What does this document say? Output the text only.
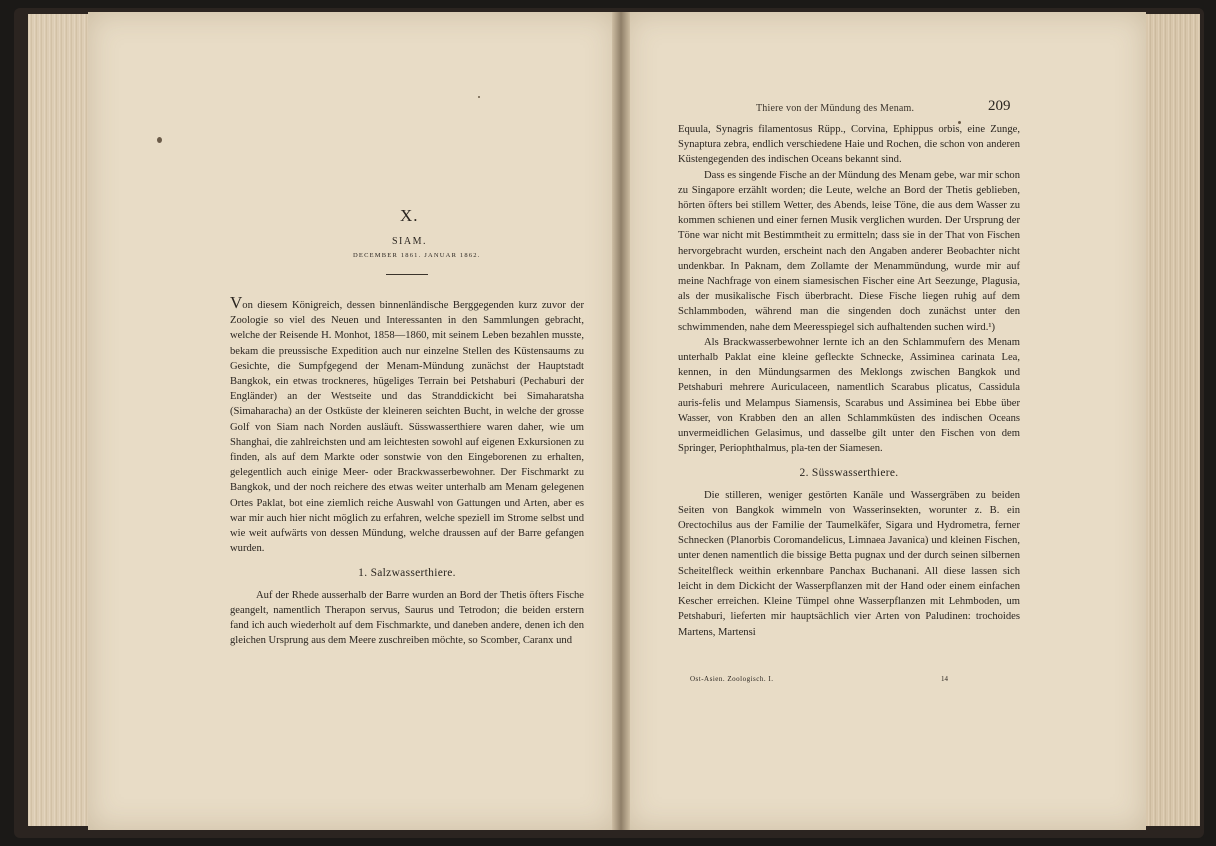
X.
SIAM.
DECEMBER 1861. JANUAR 1862.

Von diesem Königreich, dessen binnenländische Berggegenden kurz zuvor der Zoologie so viel des Neuen und Interessanten in den Sammlungen gebracht, welche der Reisende H. Monhot, 1858—1860, mit seinem Leben bezahlen musste, bekam die preussische Expedition auch nur einzelne Stellen des Küstensaums zu Gesichte, die Sumpfgegend der Menam-Mündung zunächst der Hauptstadt Bangkok, ein etwas trockneres, hügeliges Terrain bei Petshaburi (Pechaburi der Engländer) an der Westseite und das Stranddickicht bei Simaharatsha (Simaharacha) an der Ostküste der kleineren seichten Bucht, in welche der grosse Golf von Siam nach Norden ausläuft. Süsswasserthiere waren daher, wie um Shanghai, die zahlreichsten und am leichtesten sowohl auf eigenen Exkursionen zu finden, als auf dem Markte oder sonstwie von den Eingeborenen zu erhalten, gelegentlich auch einige Meer- oder Brackwasserbewohner. Der Fischmarkt zu Bangkok, und der noch reichere des etwas weiter unterhalb am Menam gelegenen Ortes Paklat, bot eine ziemlich reiche Auswahl von Gattungen und Arten, aber es war mir auch hier nicht möglich zu erfahren, welche speziell im Strome selbst und wie weit aufwärts von dessen Mündung, welche draussen auf der Barre gefangen wurden.

1. Salzwasserthiere.

Auf der Rhede ausserhalb der Barre wurden an Bord der Thetis öfters Fische geangelt, namentlich Therapon servus, Saurus und Tetrodon; die beiden erstern fand ich auch wiederholt auf dem Fischmarkte, und daneben andere, denen ich den gleichen Ursprung aus dem Meere zuschreiben möchte, so Scomber, Caranx und

Thiere von der Mündung des Menam.	209

Equula, Synagris filamentosus Rüpp., Corvina, Ephippus orbis, eine Zunge, Synaptura zebra, endlich verschiedene Haie und Rochen, die schon von anderen Küstengegenden des indischen Oceans bekannt sind.

Dass es singende Fische an der Mündung des Menam gebe, war mir schon zu Singapore erzählt worden; die Leute, welche an Bord der Thetis geblieben, hörten öfters bei stillem Wetter, des Abends, leise Töne, die aus dem Wasser zu kommen schienen und einer fernen Musik verglichen wurden. Der Ursprung der Töne war nicht mit Bestimmtheit zu ermitteln; dass sie in der That von Fischen hervorgebracht wurden, erscheint nach den Angaben anderer Beobachter nicht undenkbar. In Paknam, dem Zollamte der Menammündung, wurde mir auf meine Nachfrage von einem siamesischen Fischer eine Art Seezunge, Plagusia, als der musikalische Fisch überbracht. Diese Fische liegen ruhig auf dem Schlammboden, während man die singenden doch zunächst unter den schwimmenden, nahe dem Meeresspiegel sich aufhaltenden suchen wird.¹)

Als Brackwasserbewohner lernte ich an den Schlammufern des Menam unterhalb Paklat eine kleine gefleckte Schnecke, Assiminea carinata Lea, kennen, in den Mündungsarmen des Meklongs zwischen Bangkok und Petshaburi mehrere Auriculaceen, namentlich Scarabus plicatus, Cassidula auris-felis und Melampus Siamensis, Scarabus und Assiminea bei Ebbe über Wasser, von Krabben den an allen Schlammküsten des indischen Oceans unvermeidlichen Gelasimus, und dasselbe gilt unter den Fischen von dem Springer, Periophthalmus, pla-ten der Siamesen.

2. Süsswasserthiere.

Die stilleren, weniger gestörten Kanäle und Wassergräben zu beiden Seiten von Bangkok wimmeln von Wasserinsekten, worunter z. B. ein Orectochilus aus der Familie der Taumelkäfer, Sigara und Hydrometra, ferner Schnecken (Planorbis Coromandelicus, Limnaea Javanica) und kleinen Fischen, unter denen namentlich die bissige Betta pugnax und der durch seinen silbernen Scheitelfleck weithin erkennbare Panchax Buchanani. All diese lassen sich leicht in dem Dickicht der Wasserpflanzen mit der Hand oder einem einfachen Kescher erreichen. Kleine Tümpel ohne Wasserpflanzen mit Lehmboden, um Petshaburi, lieferten mir hauptsächlich vier Arten von Paludinen: trochoides Martens, Martensi

Ost-Asien. Zoologisch. I.	14
